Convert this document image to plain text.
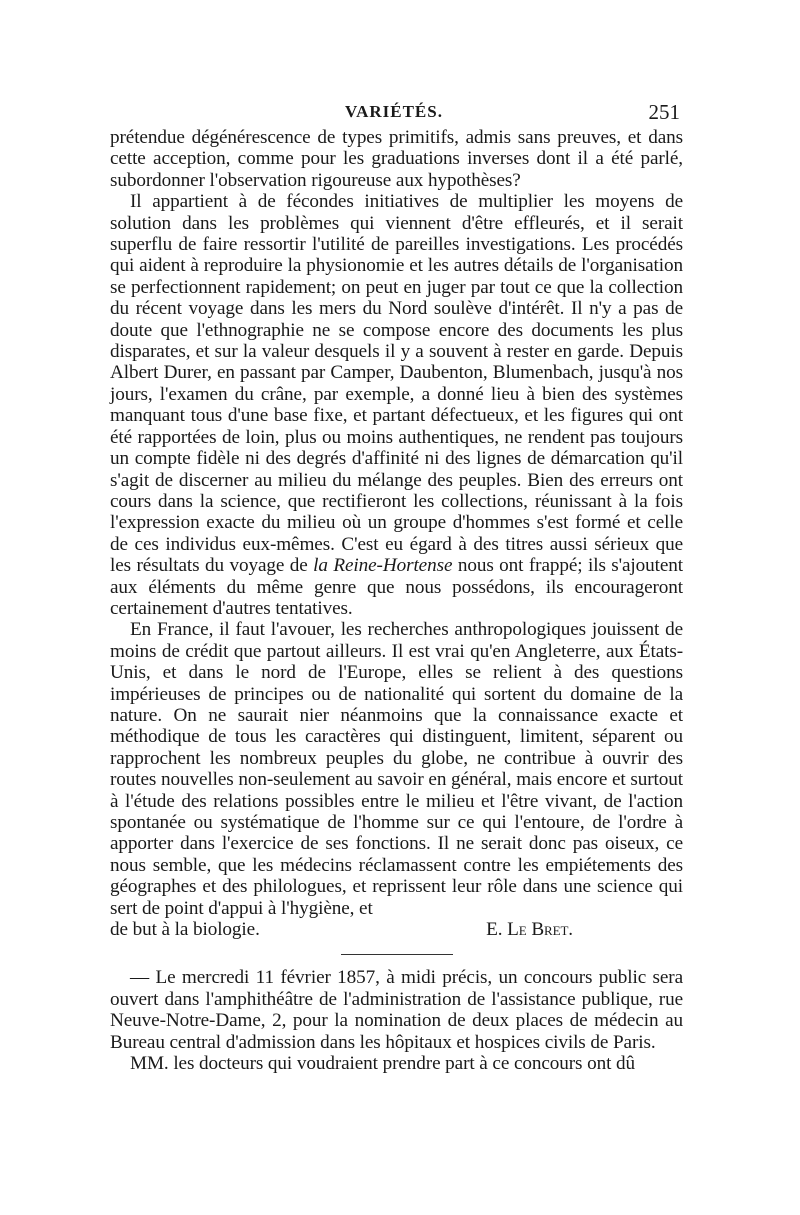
VARIÉTÉS.	251

prétendue dégénérescence de types primitifs, admis sans preuves, et dans cette acception, comme pour les graduations inverses dont il a été parlé, subordonner l'observation rigoureuse aux hypothèses?

Il appartient à de fécondes initiatives de multiplier les moyens de solution dans les problèmes qui viennent d'être effleurés, et il serait superflu de faire ressortir l'utilité de pareilles investigations. Les procédés qui aident à reproduire la physionomie et les autres détails de l'organisation se perfectionnent rapidement; on peut en juger par tout ce que la collection du récent voyage dans les mers du Nord soulève d'intérêt. Il n'y a pas de doute que l'ethnographie ne se compose encore des documents les plus disparates, et sur la valeur desquels il y a souvent à rester en garde. Depuis Albert Durer, en passant par Camper, Daubenton, Blumenbach, jusqu'à nos jours, l'examen du crâne, par exemple, a donné lieu à bien des systèmes manquant tous d'une base fixe, et partant défectueux, et les figures qui ont été rapportées de loin, plus ou moins authentiques, ne rendent pas toujours un compte fidèle ni des degrés d'affinité ni des lignes de démarcation qu'il s'agit de discerner au milieu du mélange des peuples. Bien des erreurs ont cours dans la science, que rectifieront les collections, réunissant à la fois l'expression exacte du milieu où un groupe d'hommes s'est formé et celle de ces individus eux-mêmes. C'est eu égard à des titres aussi sérieux que les résultats du voyage de la Reine-Hortense nous ont frappé; ils s'ajoutent aux éléments du même genre que nous possédons, ils encourageront certainement d'autres tentatives.

En France, il faut l'avouer, les recherches anthropologiques jouissent de moins de crédit que partout ailleurs. Il est vrai qu'en Angleterre, aux États-Unis, et dans le nord de l'Europe, elles se relient à des questions impérieuses de principes ou de nationalité qui sortent du domaine de la nature. On ne saurait nier néanmoins que la connaissance exacte et méthodique de tous les caractères qui distinguent, limitent, séparent ou rapprochent les nombreux peuples du globe, ne contribue à ouvrir des routes nouvelles non-seulement au savoir en général, mais encore et surtout à l'étude des relations possibles entre le milieu et l'être vivant, de l'action spontanée ou systématique de l'homme sur ce qui l'entoure, de l'ordre à apporter dans l'exercice de ses fonctions. Il ne serait donc pas oiseux, ce nous semble, que les médecins réclamassent contre les empiétements des géographes et des philologues, et reprissent leur rôle dans une science qui sert de point d'appui à l'hygiène, et

de but à la biologie.	E. Le Bret.

— Le mercredi 11 février 1857, à midi précis, un concours public sera ouvert dans l'amphithéâtre de l'administration de l'assistance publique, rue Neuve-Notre-Dame, 2, pour la nomination de deux places de médecin au Bureau central d'admission dans les hôpitaux et hospices civils de Paris.

MM. les docteurs qui voudraient prendre part à ce concours ont dû
